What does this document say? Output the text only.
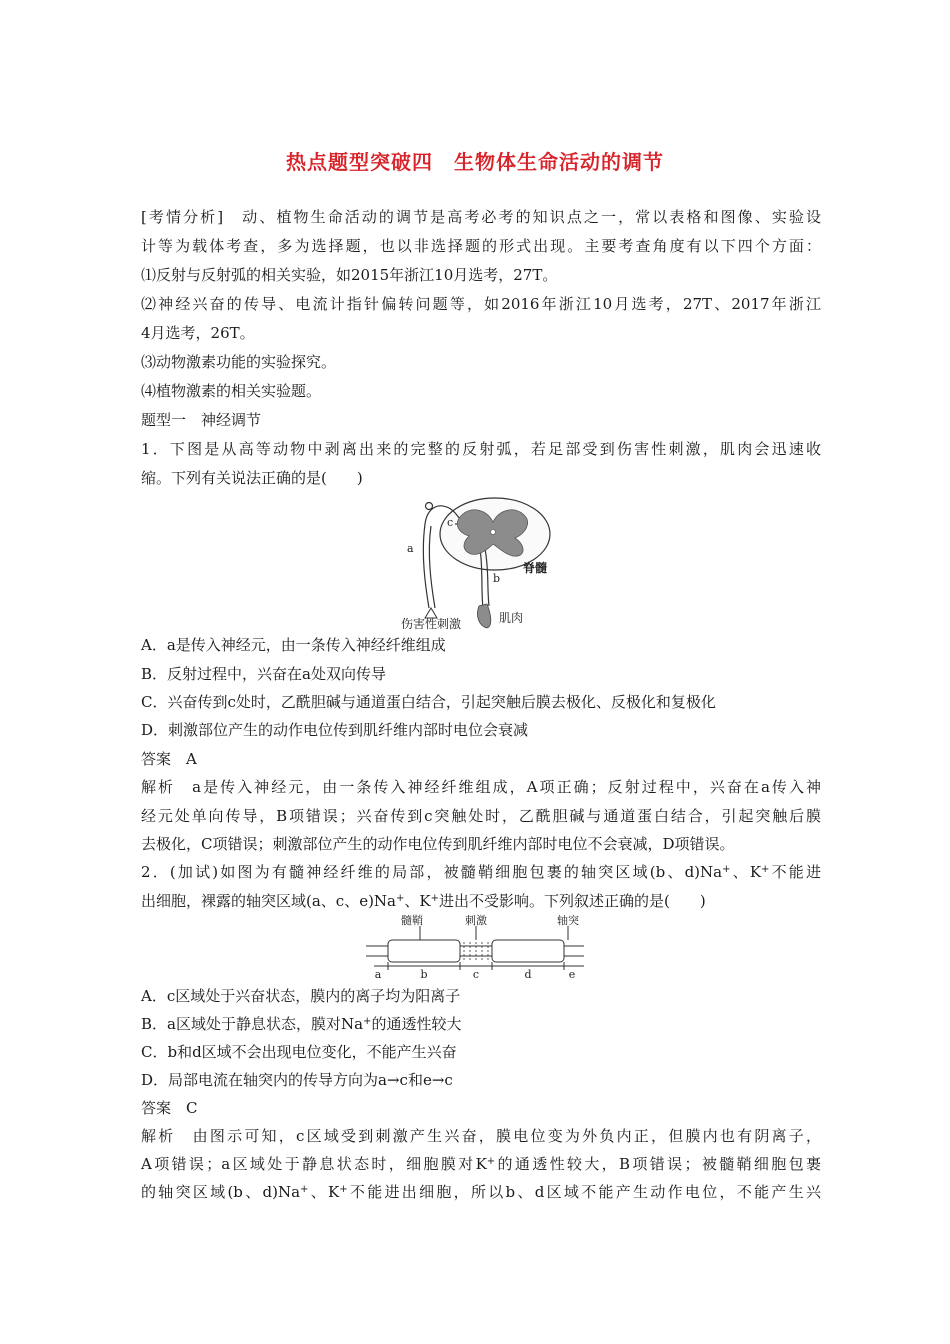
热点题型突破四　生物体生命活动的调节
[考情分析]　动、植物生命活动的调节是高考必考的知识点之一，常以表格和图像、实验设
计等为载体考查，多为选择题，也以非选择题的形式出现。主要考查角度有以下四个方面：
⑴反射与反射弧的相关实验，如2015年浙江10月选考，27T。
⑵神经兴奋的传导、电流计指针偏转问题等，如2016年浙江10月选考，27T、2017年浙江
4月选考，26T。
⑶动物激素功能的实验探究。
⑷植物激素的相关实验题。
题型一　神经调节
1．下图是从高等动物中剥离出来的完整的反射弧，若足部受到伤害性刺激，肌肉会迅速收
缩。下列有关说法正确的是(　　)
a
b
c
脊髓
伤害性刺激	肌肉
A．a是传入神经元，由一条传入神经纤维组成
B．反射过程中，兴奋在a处双向传导
C．兴奋传到c处时，乙酰胆碱与通道蛋白结合，引起突触后膜去极化、反极化和复极化
D．刺激部位产生的动作电位传到肌纤维内部时电位会衰减
答案　A
解析　a是传入神经元，由一条传入神经纤维组成，A项正确；反射过程中，兴奋在a传入神
经元处单向传导，B项错误；兴奋传到c突触处时，乙酰胆碱与通道蛋白结合，引起突触后膜
去极化，C项错误；刺激部位产生的动作电位传到肌纤维内部时电位不会衰减，D项错误。
2．(加试)如图为有髓神经纤维的局部，被髓鞘细胞包裹的轴突区域(b、d)Na+、K+不能进
出细胞，裸露的轴突区域(a、c、e)Na+、K+进出不受影响。下列叙述正确的是(　　)
髓鞘	刺激	轴突
a	b	c	d	e
A．c区域处于兴奋状态，膜内的离子均为阳离子
B．a区域处于静息状态，膜对Na+的通透性较大
C．b和d区域不会出现电位变化，不能产生兴奋
D．局部电流在轴突内的传导方向为a→c和e→c
答案　C
解析　由图示可知，c区域受到刺激产生兴奋，膜电位变为外负内正，但膜内也有阴离子，
A项错误；a区域处于静息状态时，细胞膜对K+的通透性较大，B项错误；被髓鞘细胞包裹
的轴突区域(b、d)Na+、K+不能进出细胞，所以b、d区域不能产生动作电位，不能产生兴
